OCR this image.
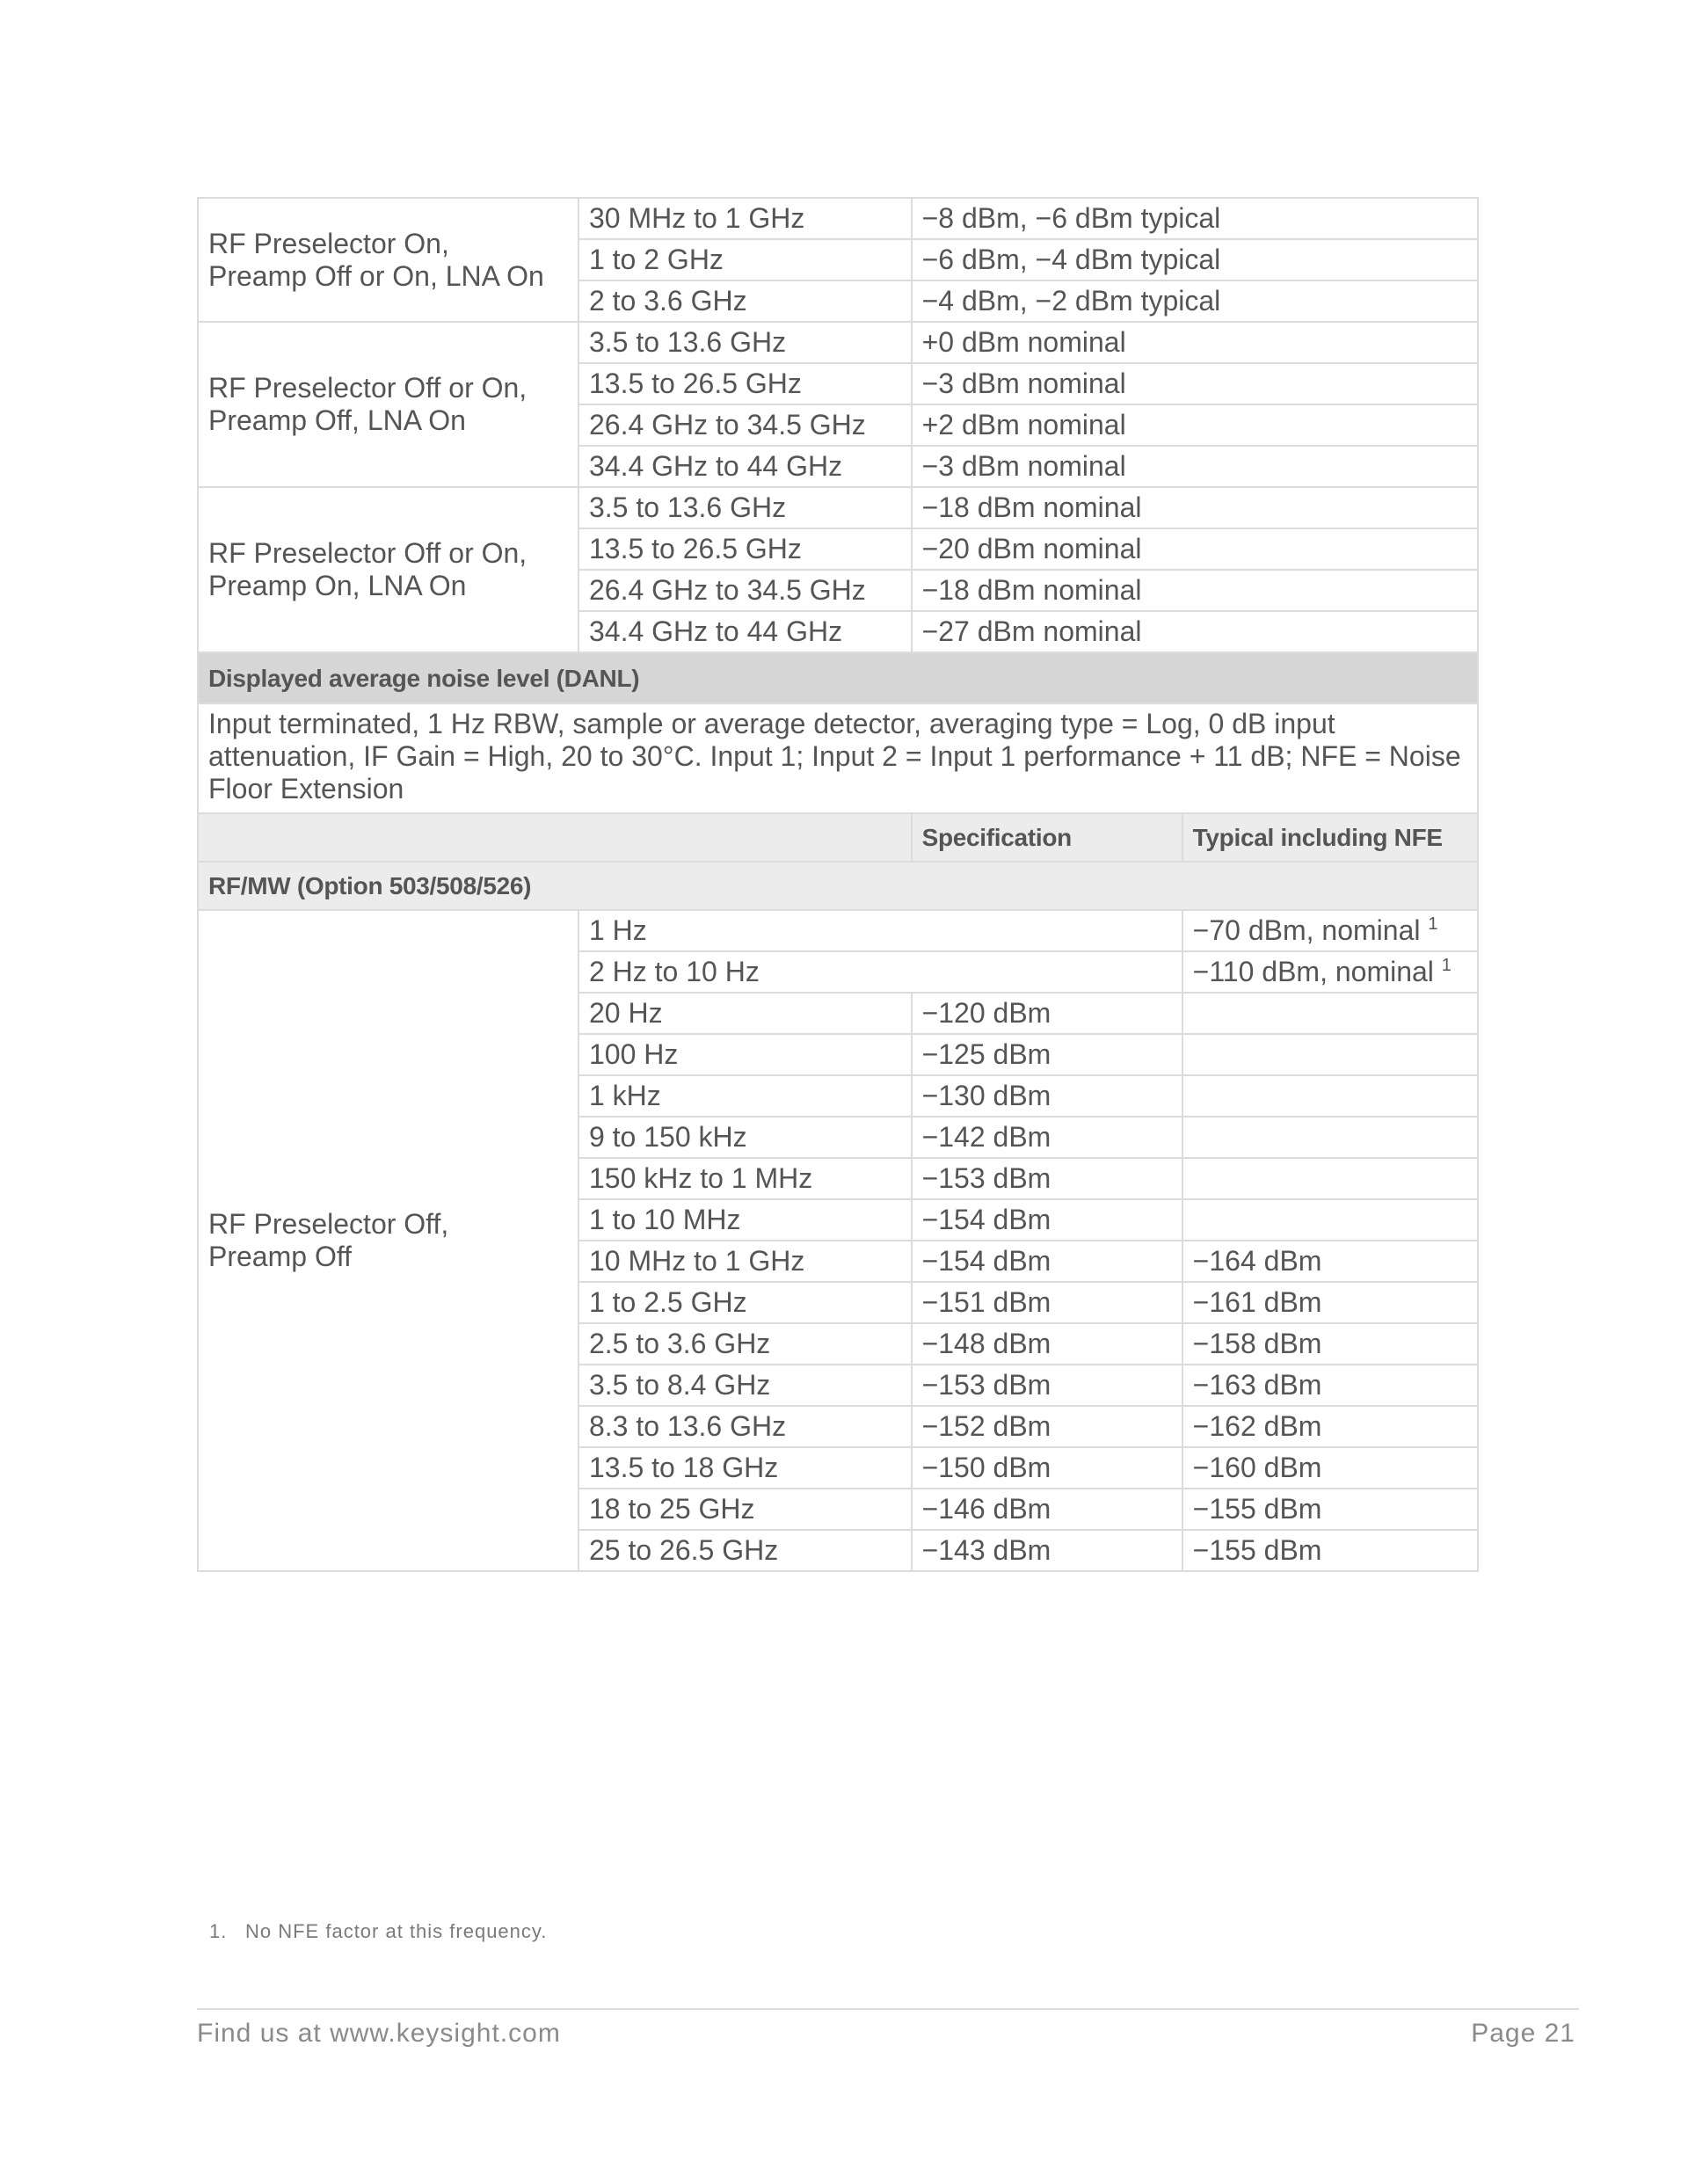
RF Preselector On,
Preamp Off or On, LNA On	30 MHz to 1 GHz	−8 dBm, −6 dBm typical	
	1 to 2 GHz	−6 dBm, −4 dBm typical	
	2 to 3.6 GHz	−4 dBm, −2 dBm typical	
RF Preselector Off or On,
Preamp Off, LNA On	3.5 to 13.6 GHz	+0 dBm nominal	
	13.5 to 26.5 GHz	−3 dBm nominal	
	26.4 GHz to 34.5 GHz	+2 dBm nominal	
	34.4 GHz to 44 GHz	−3 dBm nominal	
RF Preselector Off or On,
Preamp On, LNA On	3.5 to 13.6 GHz	−18 dBm nominal	
	13.5 to 26.5 GHz	−20 dBm nominal	
	26.4 GHz to 34.5 GHz	−18 dBm nominal	
	34.4 GHz to 44 GHz	−27 dBm nominal	
Displayed average noise level (DANL)			
Input terminated, 1 Hz RBW, sample or average detector, averaging type = Log, 0 dB input attenuation, IF Gain = High, 20 to 30°C. Input 1; Input 2 = Input 1 performance + 11 dB; NFE = Noise Floor Extension			
		Specification	Typical including NFE
RF/MW (Option 503/508/526)			
RF Preselector Off,
Preamp Off	1 Hz		−70 dBm, nominal $^1$
	2 Hz to 10 Hz		−110 dBm, nominal $^1$
	20 Hz	−120 dBm	
	100 Hz	−125 dBm	
	1 kHz	−130 dBm	
	9 to 150 kHz	−142 dBm	
	150 kHz to 1 MHz	−153 dBm	
	1 to 10 MHz	−154 dBm	
	10 MHz to 1 GHz	−154 dBm	−164 dBm
	1 to 2.5 GHz	−151 dBm	−161 dBm
	2.5 to 3.6 GHz	−148 dBm	−158 dBm
	3.5 to 8.4 GHz	−153 dBm	−163 dBm
	8.3 to 13.6 GHz	−152 dBm	−162 dBm
	13.5 to 18 GHz	−150 dBm	−160 dBm
	18 to 25 GHz	−146 dBm	−155 dBm
	25 to 26.5 GHz	−143 dBm	−155 dBm
1. No NFE factor at this frequency.
Find us at www.keysight.com	Page 21
